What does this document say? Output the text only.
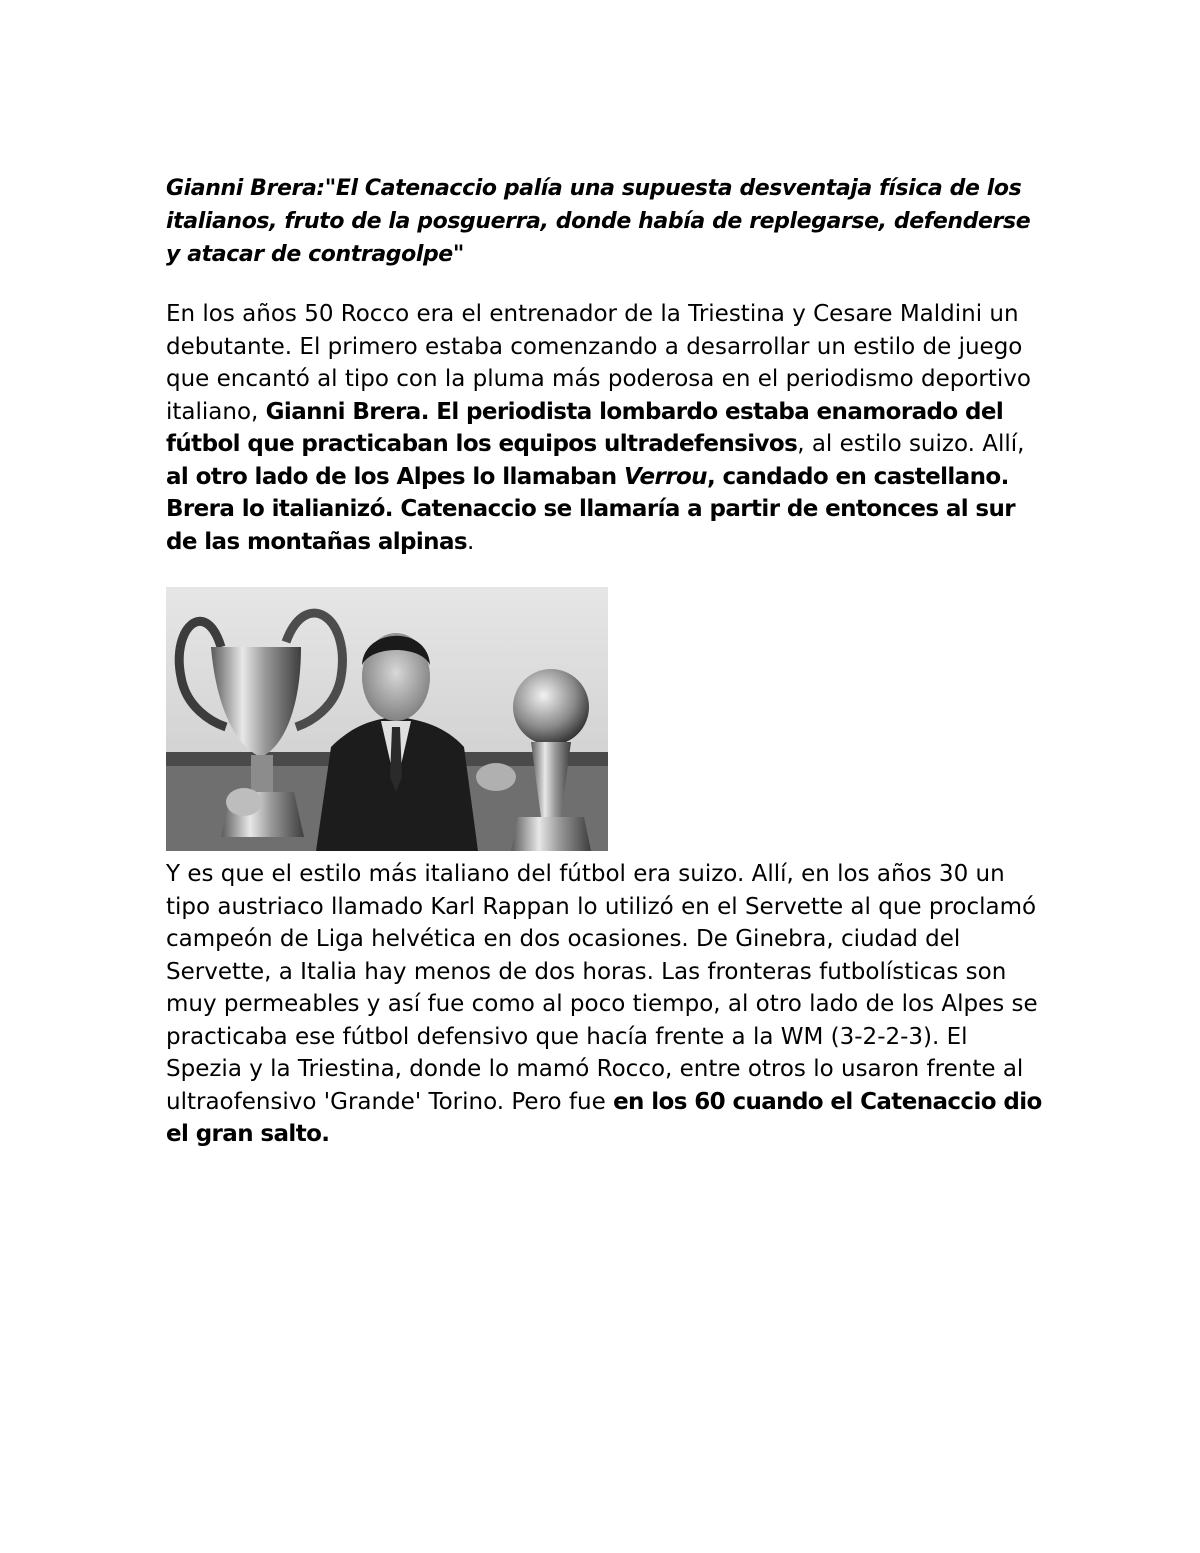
Gianni Brera:"El Catenaccio palía una supuesta desventaja física de los italianos, fruto de la posguerra, donde había de replegarse, defenderse y atacar de contragolpe"

En los años 50 Rocco era el entrenador de la Triestina y Cesare Maldini un debutante. El primero estaba comenzando a desarrollar un estilo de juego que encantó al tipo con la pluma más poderosa en el periodismo deportivo italiano, Gianni Brera. El periodista lombardo estaba enamorado del fútbol que practicaban los equipos ultradefensivos, al estilo suizo. Allí, al otro lado de los Alpes lo llamaban Verrou, candado en castellano. Brera lo italianizó. Catenaccio se llamaría a partir de entonces al sur de las montañas alpinas.

Y es que el estilo más italiano del fútbol era suizo. Allí, en los años 30 un tipo austriaco llamado Karl Rappan lo utilizó en el Servette al que proclamó campeón de Liga helvética en dos ocasiones. De Ginebra, ciudad del Servette, a Italia hay menos de dos horas. Las fronteras futbolísticas son muy permeables y así fue como al poco tiempo, al otro lado de los Alpes se practicaba ese fútbol defensivo que hacía frente a la WM (3-2-2-3). El Spezia y la Triestina, donde lo mamó Rocco, entre otros lo usaron frente al ultraofensivo 'Grande' Torino. Pero fue en los 60 cuando el Catenaccio dio el gran salto.
